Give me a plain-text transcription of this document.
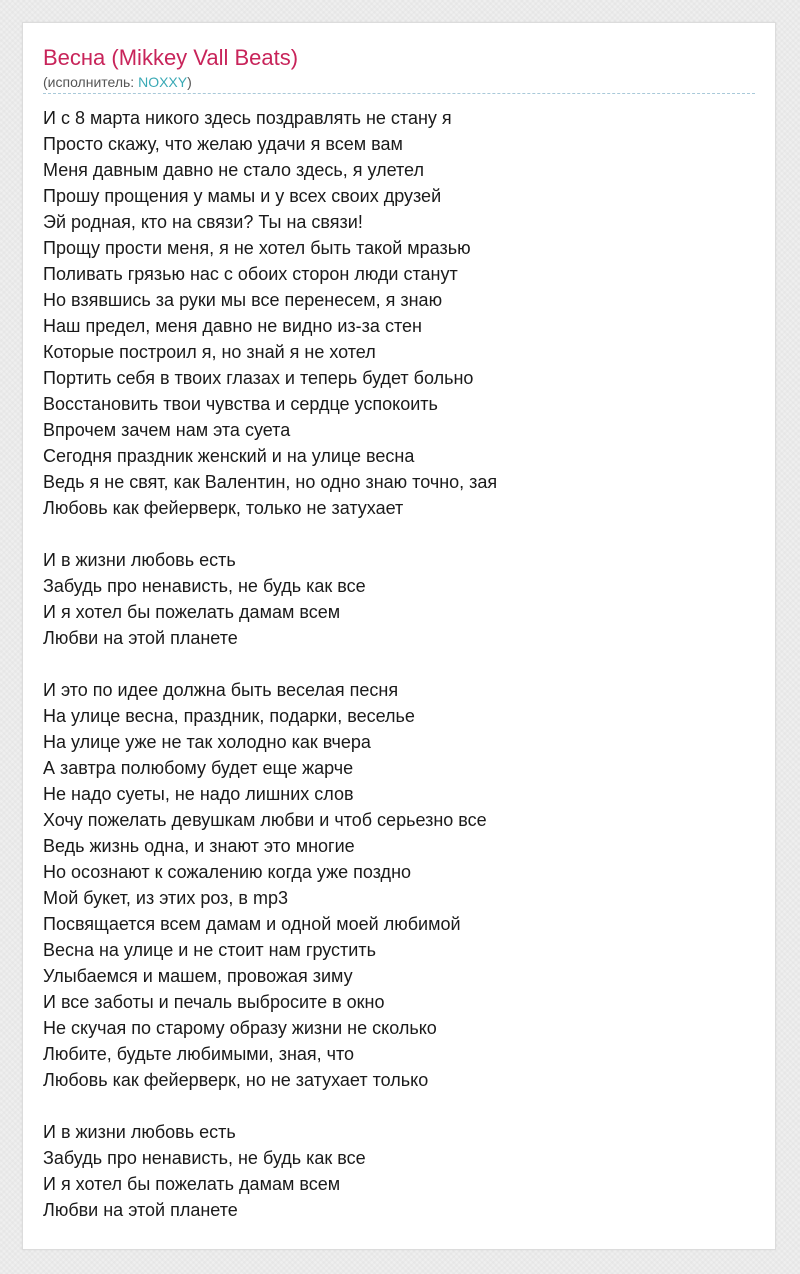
Весна (Mikkey Vall Beats)
(исполнитель: NOXXY)
И с 8 марта никого здесь поздравлять не стану я
Просто скажу, что желаю удачи я всем вам
Меня давным давно не стало здесь, я улетел
Прошу прощения у мамы и у всех своих друзей
Эй родная, кто на связи? Ты на связи!
Прощу прости меня, я не хотел быть такой мразью
Поливать грязью нас с обоих сторон люди станут
Но взявшись за руки мы все перенесем, я знаю
Наш предел, меня давно не видно из-за стен
Которые построил я, но знай я не хотел
Портить себя в твоих глазах и теперь будет больно
Восстановить твои чувства и сердце успокоить
Впрочем зачем нам эта суета
Сегодня праздник женский и на улице весна
Ведь я не свят, как Валентин, но одно знаю точно, зая
Любовь как фейерверк, только не затухает
И в жизни любовь есть
Забудь про ненависть, не будь как все
И я хотел бы пожелать дамам всем
Любви на этой планете
И это по идее должна быть веселая песня
На улице весна, праздник, подарки, веселье
На улице уже не так холодно как вчера
А завтра полюбому будет еще жарче
Не надо суеты, не надо лишних слов
Хочу пожелать девушкам любви и чтоб серьезно все
Ведь жизнь одна, и знают это многие
Но осознают к сожалению когда уже поздно
Мой букет, из этих роз, в mp3
Посвящается всем дамам и одной моей любимой
Весна на улице и не стоит нам грустить
Улыбаемся и машем, провожая зиму
И все заботы и печаль выбросите в окно
Не скучая по старому образу жизни не сколько
Любите, будьте любимыми, зная, что
Любовь как фейерверк, но не затухает только
И в жизни любовь есть
Забудь про ненависть, не будь как все
И я хотел бы пожелать дамам всем
Любви на этой планете
